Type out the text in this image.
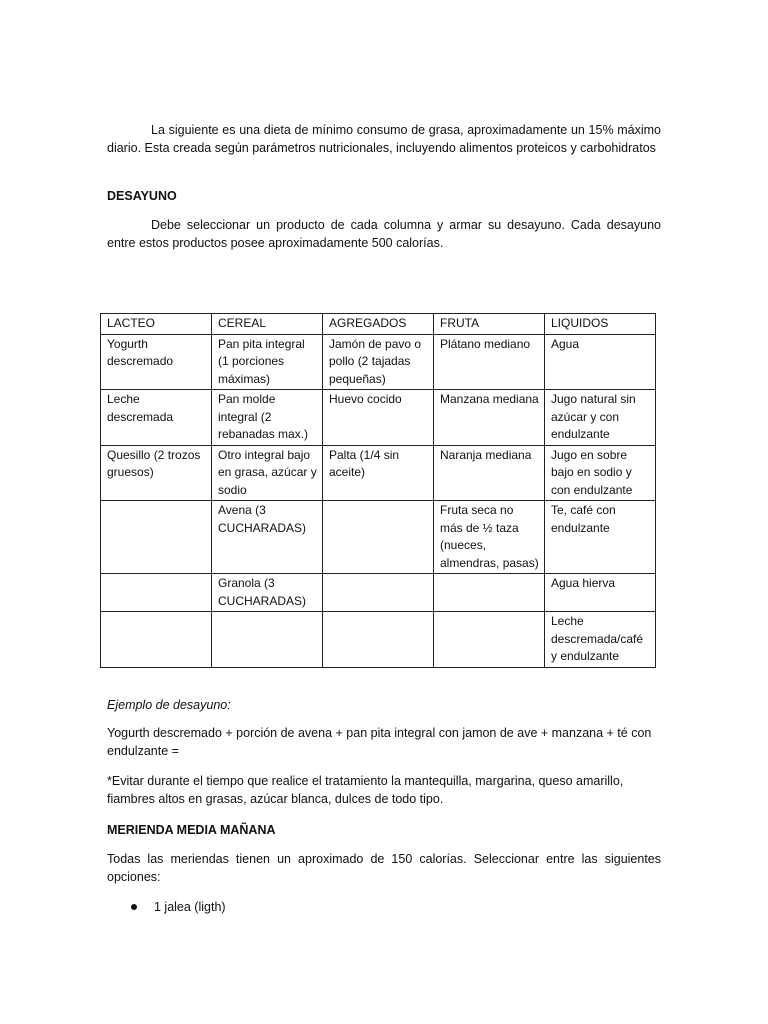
La siguiente es una dieta de mínimo consumo de grasa, aproximadamente un 15% máximo diario. Esta creada según parámetros nutricionales, incluyendo alimentos proteicos y carbohidratos

DESAYUNO

Debe seleccionar un producto de cada columna y armar su desayuno. Cada desayuno entre estos productos posee aproximadamente 500 calorías.

LACTEO	CEREAL	AGREGADOS	FRUTA	LIQUIDOS
Yogurth descremado	Pan pita integral (1 porciones máximas)	Jamón de pavo o pollo (2 tajadas pequeñas)	Plátano mediano	Agua
Leche descremada	Pan molde integral (2 rebanadas max.)	Huevo cocido	Manzana mediana	Jugo natural sin azúcar y con endulzante
Quesillo (2 trozos gruesos)	Otro integral bajo en grasa, azúcar y sodio	Palta (1/4 sin aceite)	Naranja mediana	Jugo en sobre bajo en sodio y con endulzante
	Avena (3 CUCHARADAS)		Fruta seca no más de ½ taza (nueces, almendras, pasas)	Te, café con endulzante
	Granola (3 CUCHARADAS)			Agua hierva
				Leche descremada/café y endulzante

Ejemplo de desayuno:

Yogurth descremado + porción de avena + pan pita integral con jamon de ave + manzana + té con endulzante =

*Evitar durante el tiempo que realice el tratamiento la mantequilla, margarina, queso amarillo, fiambres altos en grasas, azúcar blanca, dulces de todo tipo.

MERIENDA MEDIA MAÑANA

Todas las meriendas tienen un aproximado de 150 calorías. Seleccionar entre las siguientes opciones:

1 jalea (ligth)
